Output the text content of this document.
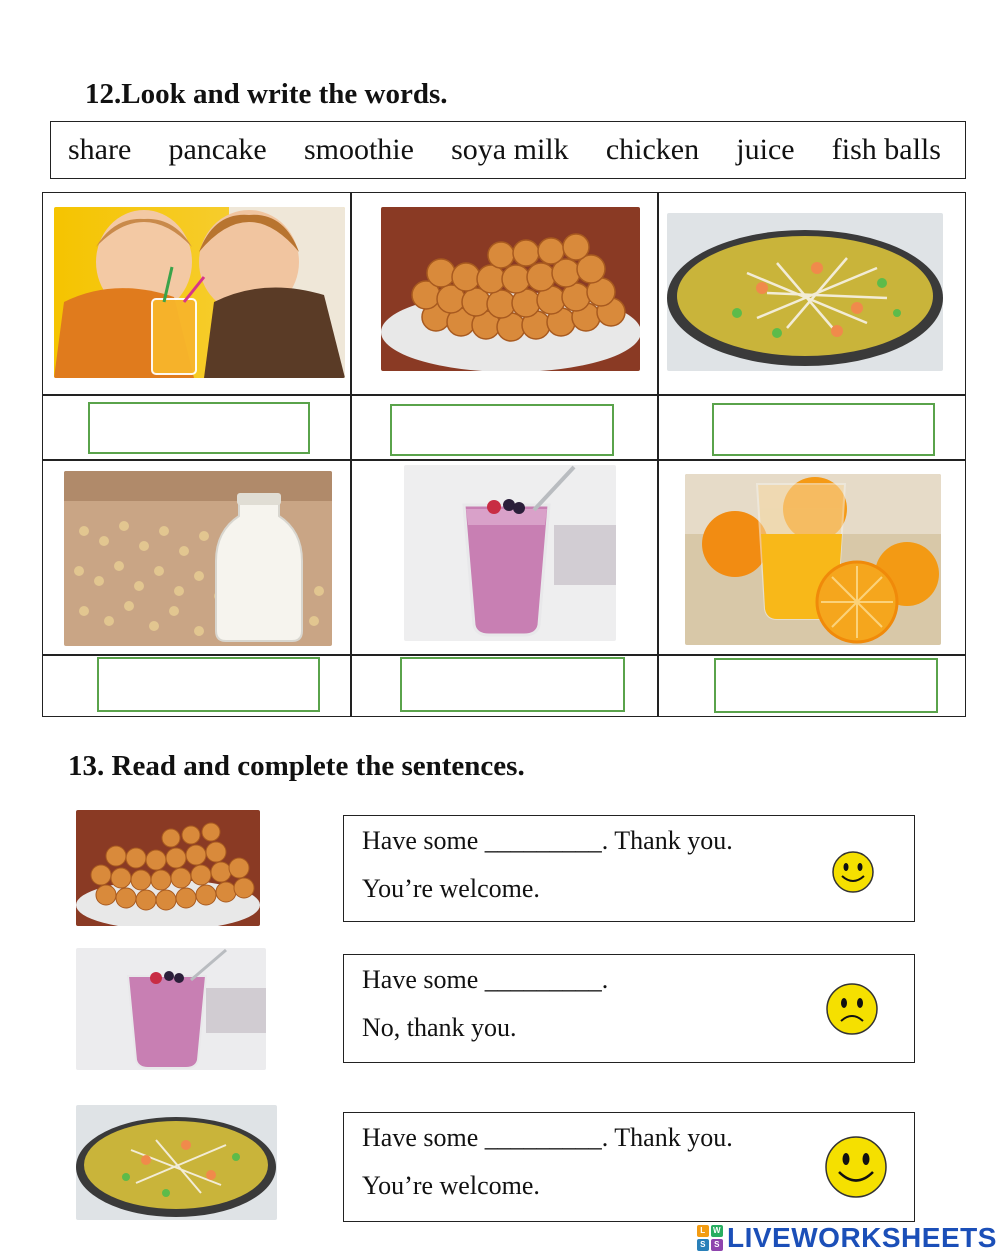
12.Look and write the words.
share pancake smoothie soya milk chicken juice fish balls
13. Read and complete the sentences.
Have some _________. Thank you.
You’re welcome.
Have some _________.
No, thank you.
Have some _________. Thank you.
You’re welcome.
L W
S	S LIVEWORKSHEETS
